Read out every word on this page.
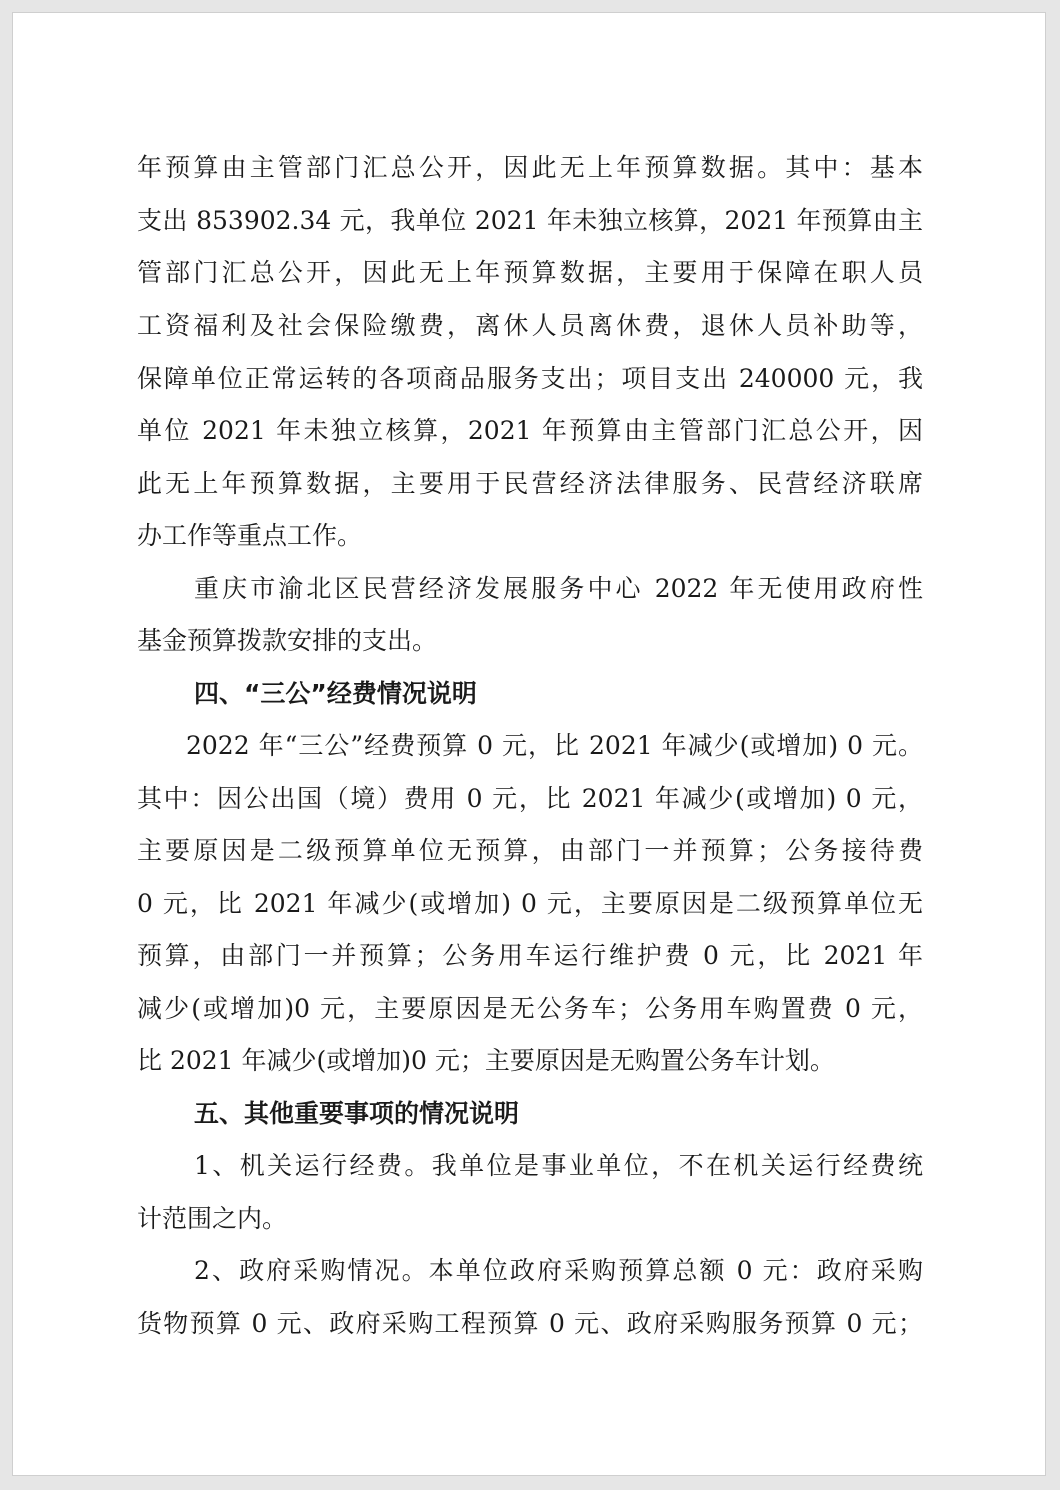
年预算由主管部门汇总公开，因此无上年预算数据。其中：基本
支出 853902.34 元，我单位 2021 年未独立核算，2021 年预算由主
管部门汇总公开，因此无上年预算数据，主要用于保障在职人员
工资福利及社会保险缴费，离休人员离休费，退休人员补助等，
保障单位正常运转的各项商品服务支出；项目支出 240000 元，我
单位 2021 年未独立核算，2021 年预算由主管部门汇总公开，因
此无上年预算数据，主要用于民营经济法律服务、民营经济联席
办工作等重点工作。
重庆市渝北区民营经济发展服务中心 2022 年无使用政府性
基金预算拨款安排的支出。
四、“三公”经费情况说明
2022 年“三公”经费预算 0 元，比 2021 年减少(或增加) 0 元。
其中：因公出国（境）费用 0 元，比 2021 年减少(或增加) 0 元，
主要原因是二级预算单位无预算，由部门一并预算；公务接待费
0 元，比 2021 年减少(或增加) 0 元，主要原因是二级预算单位无
预算，由部门一并预算；公务用车运行维护费 0 元，比 2021 年
减少(或增加)0 元，主要原因是无公务车；公务用车购置费 0 元，
比 2021 年减少(或增加)0 元；主要原因是无购置公务车计划。
五、其他重要事项的情况说明
1、机关运行经费。我单位是事业单位，不在机关运行经费统
计范围之内。
2、政府采购情况。本单位政府采购预算总额 0 元：政府采购
货物预算 0 元、政府采购工程预算 0 元、政府采购服务预算 0 元；
